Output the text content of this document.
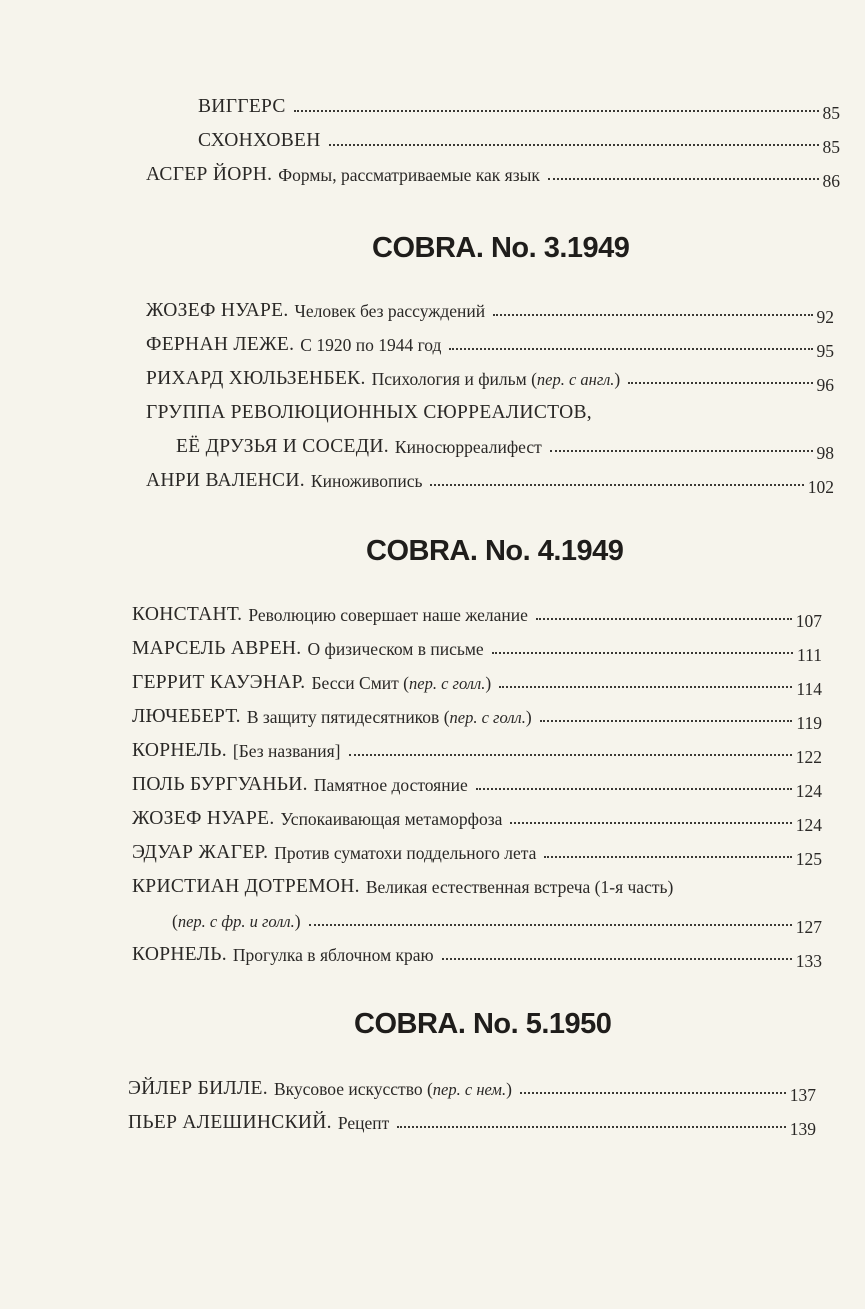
ВИГГЕРС	85
СХОНХОВЕН	85
АСГЕР ЙОРН. Формы, рассматриваемые как язык	86
COBRA. No. 3.1949
ЖОЗЕФ НУАРЕ. Человек без рассуждений	92
ФЕРНАН ЛЕЖЕ. С 1920 по 1944 год	95
РИХАРД ХЮЛЬЗЕНБЕК. Психология и фильм ( пер. с англ. )	96
ГРУППА РЕВОЛЮЦИОННЫХ СЮРРЕАЛИСТОВ,
ЕЁ ДРУЗЬЯ И СОСЕДИ. Киносюрреалифест	98
АНРИ ВАЛЕНСИ. Киноживопись	102
COBRA. No. 4.1949
КОНСТАНТ. Революцию совершает наше желание	107
МАРСЕЛЬ АВРЕН. О физическом в письме	111
ГЕРРИТ КАУЭНАР. Бесси Смит ( пер. с голл. )	114
ЛЮЧЕБЕРТ. В защиту пятидесятников ( пер. с голл. )	119
КОРНЕЛЬ. [Без названия]	122
ПОЛЬ БУРГУАНЬИ. Памятное достояние	124
ЖОЗЕФ НУАРЕ. Успокаивающая метаморфоза	124
ЭДУАР ЖАГЕР. Против суматохи поддельного лета	125
КРИСТИАН ДОТРЕМОН. Великая естественная встреча (1-я часть)
( пер. с фр. и голл. )	127
КОРНЕЛЬ. Прогулка в яблочном краю	133
COBRA. No. 5.1950
ЭЙЛЕР БИЛЛЕ. Вкусовое искусство ( пер. с нем. )	137
ПЬЕР АЛЕШИНСКИЙ. Рецепт	139
